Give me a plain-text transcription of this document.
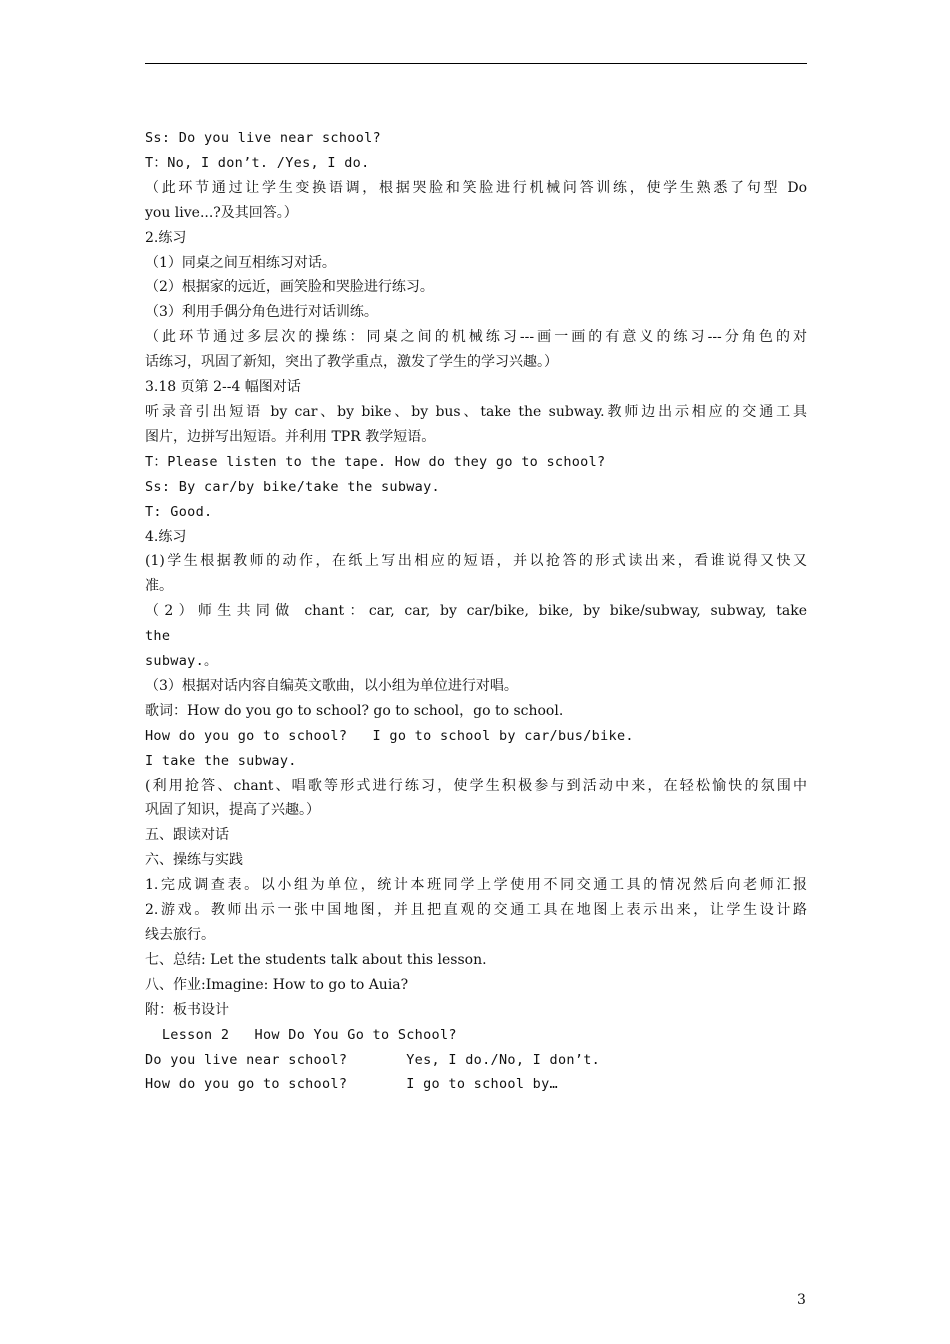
Ss: Do you live near school?

T：No, I don’t. /Yes, I do.

（此环节通过让学生变换语调，根据哭脸和笑脸进行机械问答训练，使学生熟悉了句型 Do

you live...?及其回答。）

2.练习

（1）同桌之间互相练习对话。

（2）根据家的远近，画笑脸和哭脸进行练习。

（3）利用手偶分角色进行对话训练。

（此环节通过多层次的操练：同桌之间的机械练习---画一画的有意义的练习---分角色的对

话练习，巩固了新知，突出了教学重点，激发了学生的学习兴趣。）

3.18 页第 2--4 幅图对话

听录音引出短语 by car、by bike、by bus、take the subway.教师边出示相应的交通工具

图片，边拼写出短语。并利用 TPR 教学短语。

T：Please listen to the tape. How do they go to school?

Ss: By car/by bike/take the subway.

T: Good.

4.练习

(1)学生根据教师的动作，在纸上写出相应的短语，并以抢答的形式读出来，看谁说得又快又

准。

（2）师生共同做 chant：car, car, by car/bike, bike, by bike/subway, subway, take

the

subway.。

（3）根据对话内容自编英文歌曲，以小组为单位进行对唱。

歌词：How do you go to school? go to school，go to school.

How do you go to school?   I go to school by car/bus/bike.

I take the subway.

(利用抢答、chant、唱歌等形式进行练习，使学生积极参与到活动中来，在轻松愉快的氛围中

巩固了知识，提高了兴趣。）

五、跟读对话

六、操练与实践

1.完成调查表。以小组为单位，统计本班同学上学使用不同交通工具的情况然后向老师汇报

2.游戏。教师出示一张中国地图，并且把直观的交通工具在地图上表示出来，让学生设计路

线去旅行。

七、总结: Let the students talk about this lesson.

八、作业:Imagine: How to go to Auia?

附：板书设计

Lesson 2   How Do You Go to School?

Do you live near school?       Yes, I do./No, I don’t.

How do you go to school?       I go to school by…

3
